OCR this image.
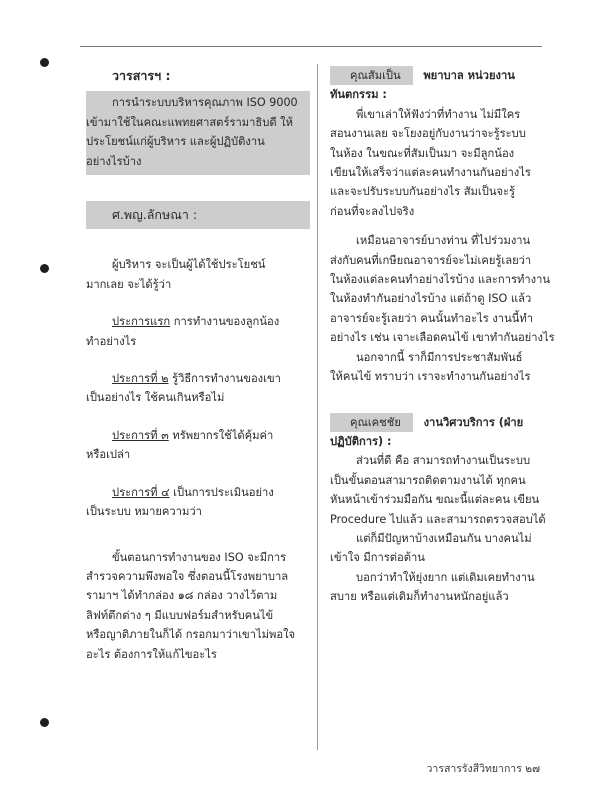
วารสารฯ :

การนำระบบบริหารคุณภาพ ISO 9000

เข้ามาใช้ในคณะแพทยศาสตร์รามาธิบดี ให้

ประโยชน์แก่ผู้บริหาร และผู้ปฏิบัติงาน

อย่างไรบ้าง

ศ.พญ.ลักษณา :

ผู้บริหาร จะเป็นผู้ได้ใช้ประโยชน์

มากเลย จะได้รู้ว่า

ประการแรก การทำงานของลูกน้อง

ทำอย่างไร

ประการที่ ๒ รู้วิธีการทำงานของเขา

เป็นอย่างไร ใช้คนเกินหรือไม่

ประการที่ ๓ ทรัพยากรใช้ได้คุ้มค่า

หรือเปล่า

ประการที่ ๔ เป็นการประเมินอย่าง

เป็นระบบ หมายความว่า

ขั้นตอนการทำงานของ ISO จะมีการ

สำรวจความพึงพอใจ ซึ่งตอนนี้โรงพยาบาล

รามาฯ ได้ทำกล่อง ๑๘ กล่อง วางไว้ตาม

ลิฟท์ตึกต่าง ๆ มีแบบฟอร์มสำหรับคนไข้

หรือญาติภายในก็ได้ กรอกมาว่าเขาไม่พอใจ

อะไร ต้องการให้แก้ไขอะไร

คุณสัมเป็น พยาบาล หน่วยงาน

ทันตกรรม :

พี่เขาเล่าให้ฟังว่าที่ทำงาน ไม่มีใคร

สอนงานเลย จะโยงอยู่กับงานว่าจะรู้ระบบ

ในห้อง ในขณะที่สัมเป็นมา จะมีลูกน้อง

เขียนให้เสร็จว่าแต่ละคนทำงานกันอย่างไร

และจะปรับระบบกันอย่างไร สัมเป็นจะรู้

ก่อนที่จะลงไปจริง

เหมือนอาจารย์บางท่าน ที่ไปร่วมงาน

ส่งกับคนที่เกษียณอาจารย์จะไม่เคยรู้เลยว่า

ในห้องแต่ละคนทำอย่างไรบ้าง และการทำงาน

ในห้องทำกันอย่างไรบ้าง แต่ถ้าดู ISO แล้ว

อาจารย์จะรู้เลยว่า คนนั้นทำอะไร งานนี้ทำ

อย่างไร เช่น เจาะเลือดคนไข้ เขาทำกันอย่างไร

นอกจากนี้ ราก็มีการประชาสัมพันธ์

ให้คนไข้ ทราบว่า เราจะทำงานกันอย่างไร

คุณเคชชัย งานวิศวบริการ (ฝ่าย

ปฏิบัติการ) :

ส่วนที่ดี คือ สามารถทำงานเป็นระบบ

เป็นขั้นตอนสามารถติดตามงานได้ ทุกคน

หันหน้าเข้าร่วมมือกัน ขณะนี้แต่ละคน เขียน

Procedure ไปแล้ว และสามารถตรวจสอบได้

แต่ก็มีปัญหาบ้างเหมือนกัน บางคนไม่

เข้าใจ มีการต่อต้าน

บอกว่าทำให้ยุ่งยาก แต่เดิมเคยทำงาน

สบาย หรือแต่เดิมก็ทำงานหนักอยู่แล้ว

วารสารรังสีวิทยาการ ๒๗
